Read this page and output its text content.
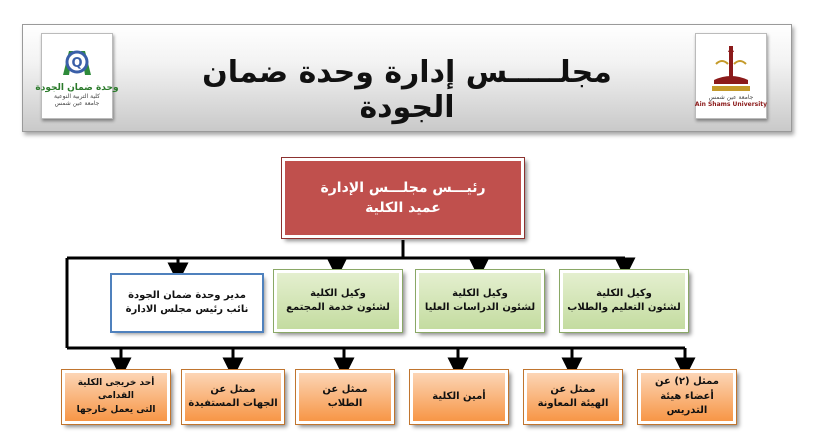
Q
وحدة ضمان الجودة
كلية التربية النوعية
جامعة عين شمس
مجلـــــس إدارة وحدة ضمان الجودة	جامعة عين شمس
Ain Shams University
رئيـــس مجلـــس الإدارة
عميد الكلية
وكيل الكلية
لشئون التعليم والطلاب
وكيل الكلية
لشئون الدراسات العليا
وكيل الكلية
لشئون خدمة المجتمع
مدير وحدة ضمان الجودة
نائب رئيس مجلس الادارة
ممثل (٢) عن
أعضاء هيئة التدريس
ممثل عن
الهيئة المعاونة
أمين الكلية
ممثل عن
الطلاب
ممثل عن
الجهات المستفيدة
أحد خريجى الكلية القدامى
التى يعمل خارجها
